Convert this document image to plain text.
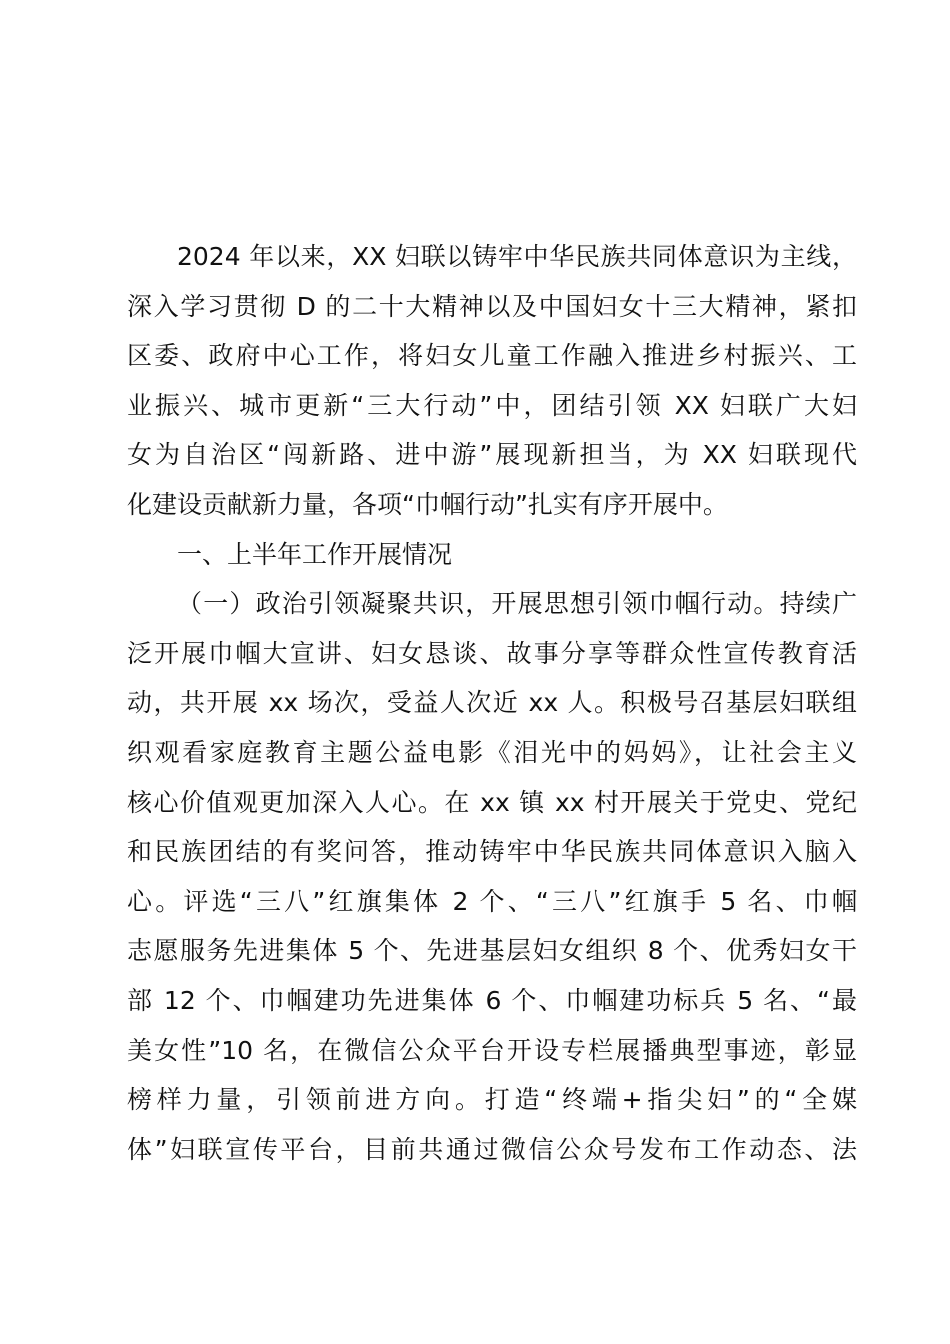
2024 年以来，XX 妇联以铸牢中华民族共同体意识为主线，
深入学习贯彻 D 的二十大精神以及中国妇女十三大精神，紧扣
区委、政府中心工作，将妇女儿童工作融入推进乡村振兴、工
业振兴、城市更新“三大行动”中，团结引领 XX 妇联广大妇
女为自治区“闯新路、进中游”展现新担当，为 XX 妇联现代
化建设贡献新力量，各项“巾帼行动”扎实有序开展中。
一、上半年工作开展情况
（一）政治引领凝聚共识，开展思想引领巾帼行动。持续广
泛开展巾帼大宣讲、妇女恳谈、故事分享等群众性宣传教育活
动，共开展 xx 场次，受益人次近 xx 人。积极号召基层妇联组
织观看家庭教育主题公益电影《泪光中的妈妈》，让社会主义
核心价值观更加深入人心。在 xx 镇 xx 村开展关于党史、党纪
和民族团结的有奖问答，推动铸牢中华民族共同体意识入脑入
心。评选“三八”红旗集体 2 个、“三八”红旗手 5 名、巾帼
志愿服务先进集体 5 个、先进基层妇女组织 8 个、优秀妇女干
部 12 个、巾帼建功先进集体 6 个、巾帼建功标兵 5 名、“最
美女性”10 名，在微信公众平台开设专栏展播典型事迹，彰显
榜样力量，引领前进方向。打造“终端+指尖妇”的“全媒
体”妇联宣传平台，目前共通过微信公众号发布工作动态、法
